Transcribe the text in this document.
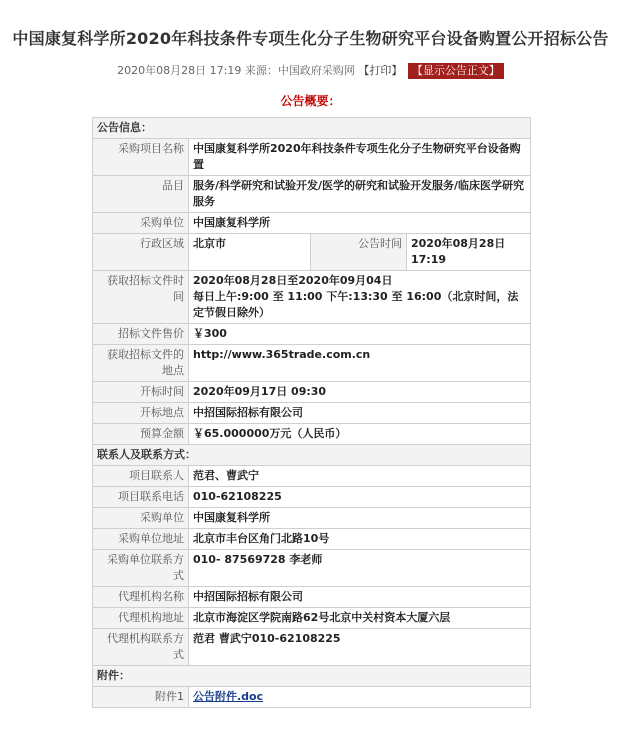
中国康复科学所2020年科技条件专项生化分子生物研究平台设备购置公开招标公告
2020年08月28日 17:19 来源：中国政府采购网 【打印】 【显示公告正文】
公告概要：
公告信息：			
采购项目名称	中国康复科学所2020年科技条件专项生化分子生物研究平台设备购置		
品目	服务/科学研究和试验开发/医学的研究和试验开发服务/临床医学研究服务		
采购单位	中国康复科学所		
行政区域	北京市	公告时间	2020年08月28日 17:19
获取招标文件时间	2020年08月28日至2020年09月04日
每日上午:9:00 至 11:00 下午:13:30 至 16:00（北京时间，法定节假日除外）		

招标文件售价	￥300		
获取招标文件的地点	http://www.365trade.com.cn		
开标时间	2020年09月17日 09:30		
开标地点	中招国际招标有限公司		
预算金额	￥65.000000万元（人民币）		
联系人及联系方式：			
项目联系人	范君、曹武宁		
项目联系电话	010-62108225		
采购单位	中国康复科学所		
采购单位地址	北京市丰台区角门北路10号		
采购单位联系方式	010- 87569728 李老师		
代理机构名称	中招国际招标有限公司		
代理机构地址	北京市海淀区学院南路62号北京中关村资本大厦六层		
代理机构联系方式	范君 曹武宁010-62108225		
附件：			
附件1	公告附件.doc		
